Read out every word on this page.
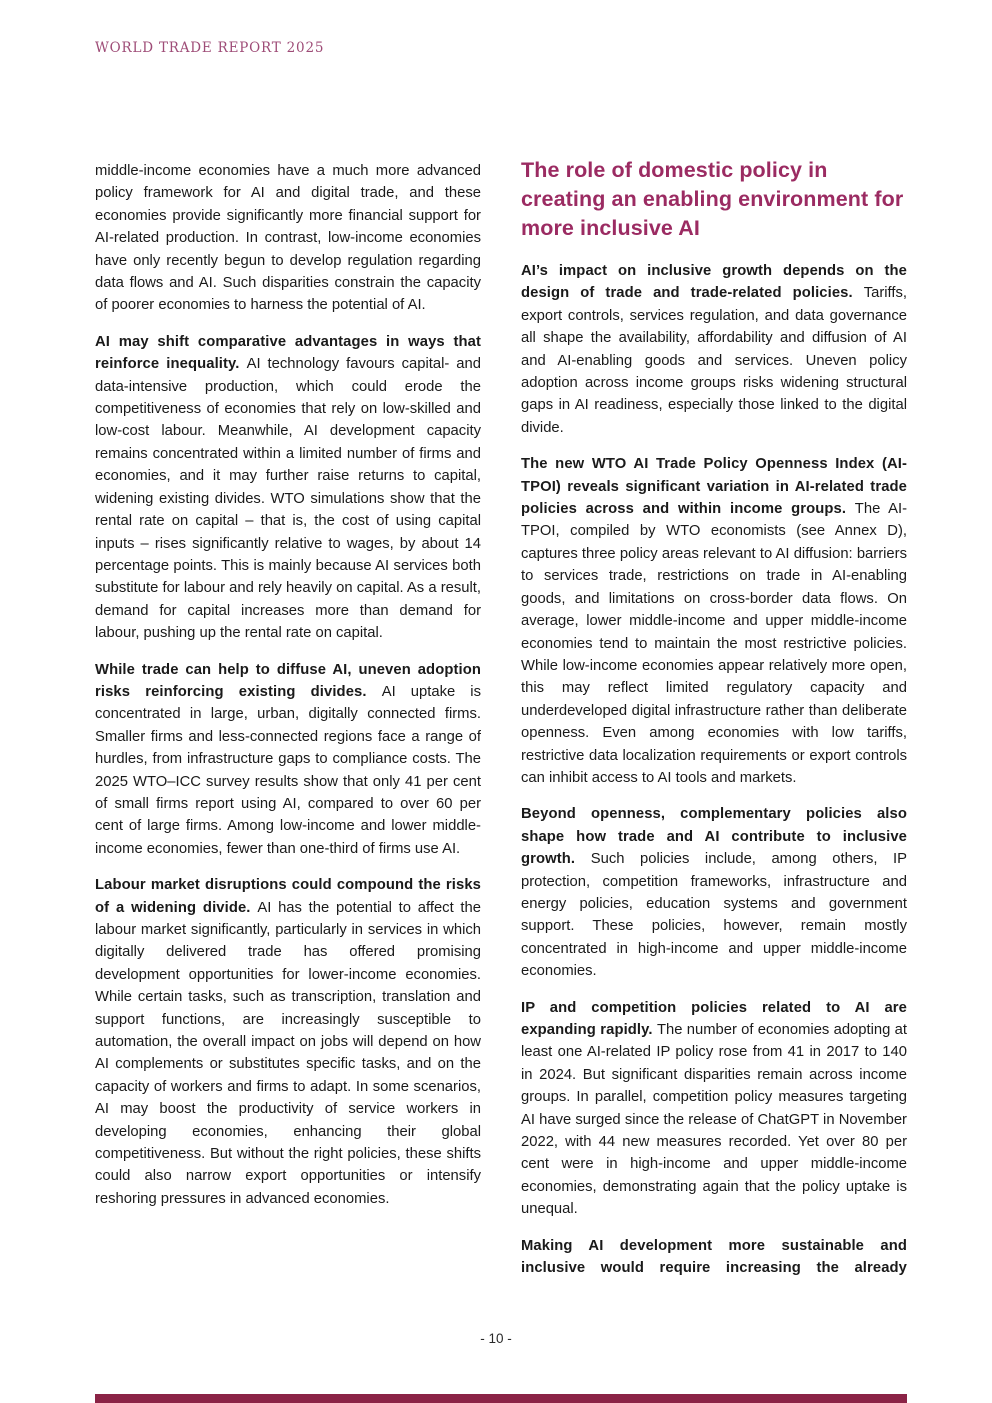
WORLD TRADE REPORT 2025

middle-income economies have a much more advanced policy framework for AI and digital trade, and these economies provide significantly more financial support for AI-related production. In contrast, low-income economies have only recently begun to develop regulation regarding data flows and AI. Such disparities constrain the capacity of poorer economies to harness the potential of AI.

AI may shift comparative advantages in ways that reinforce inequality. AI technology favours capital- and data-intensive production, which could erode the competitiveness of economies that rely on low-skilled and low-cost labour. Meanwhile, AI development capacity remains concentrated within a limited number of firms and economies, and it may further raise returns to capital, widening existing divides. WTO simulations show that the rental rate on capital – that is, the cost of using capital inputs – rises significantly relative to wages, by about 14 percentage points. This is mainly because AI services both substitute for labour and rely heavily on capital. As a result, demand for capital increases more than demand for labour, pushing up the rental rate on capital.

While trade can help to diffuse AI, uneven adoption risks reinforcing existing divides. AI uptake is concentrated in large, urban, digitally connected firms. Smaller firms and less-connected regions face a range of hurdles, from infrastructure gaps to compliance costs. The 2025 WTO–ICC survey results show that only 41 per cent of small firms report using AI, compared to over 60 per cent of large firms. Among low-income and lower middle-income economies, fewer than one-third of firms use AI.

Labour market disruptions could compound the risks of a widening divide. AI has the potential to affect the labour market significantly, particularly in services in which digitally delivered trade has offered promising development opportunities for lower-income economies. While certain tasks, such as transcription, translation and support functions, are increasingly susceptible to automation, the overall impact on jobs will depend on how AI complements or substitutes specific tasks, and on the capacity of workers and firms to adapt. In some scenarios, AI may boost the productivity of service workers in developing economies, enhancing their global competitiveness. But without the right policies, these shifts could also narrow export opportunities or intensify reshoring pressures in advanced economies.

The role of domestic policy in creating an enabling environment for more inclusive AI

AI’s impact on inclusive growth depends on the design of trade and trade-related policies. Tariffs, export controls, services regulation, and data governance all shape the availability, affordability and diffusion of AI and AI-enabling goods and services. Uneven policy adoption across income groups risks widening structural gaps in AI readiness, especially those linked to the digital divide.

The new WTO AI Trade Policy Openness Index (AI-TPOI) reveals significant variation in AI-related trade policies across and within income groups. The AI-TPOI, compiled by WTO economists (see Annex D), captures three policy areas relevant to AI diffusion: barriers to services trade, restrictions on trade in AI-enabling goods, and limitations on cross-border data flows. On average, lower middle-income and upper middle-income economies tend to maintain the most restrictive policies. While low-income economies appear relatively more open, this may reflect limited regulatory capacity and underdeveloped digital infrastructure rather than deliberate openness. Even among economies with low tariffs, restrictive data localization requirements or export controls can inhibit access to AI tools and markets.

Beyond openness, complementary policies also shape how trade and AI contribute to inclusive growth. Such policies include, among others, IP protection, competition frameworks, infrastructure and energy policies, education systems and government support. These policies, however, remain mostly concentrated in high-income and upper middle-income economies.

IP and competition policies related to AI are expanding rapidly. The number of economies adopting at least one AI-related IP policy rose from 41 in 2017 to 140 in 2024. But significant disparities remain across income groups. In parallel, competition policy measures targeting AI have surged since the release of ChatGPT in November 2022, with 44 new measures recorded. Yet over 80 per cent were in high-income and upper middle-income economies, demonstrating again that the policy uptake is unequal.

Making AI development more sustainable and inclusive would require increasing the already

- 10 -
